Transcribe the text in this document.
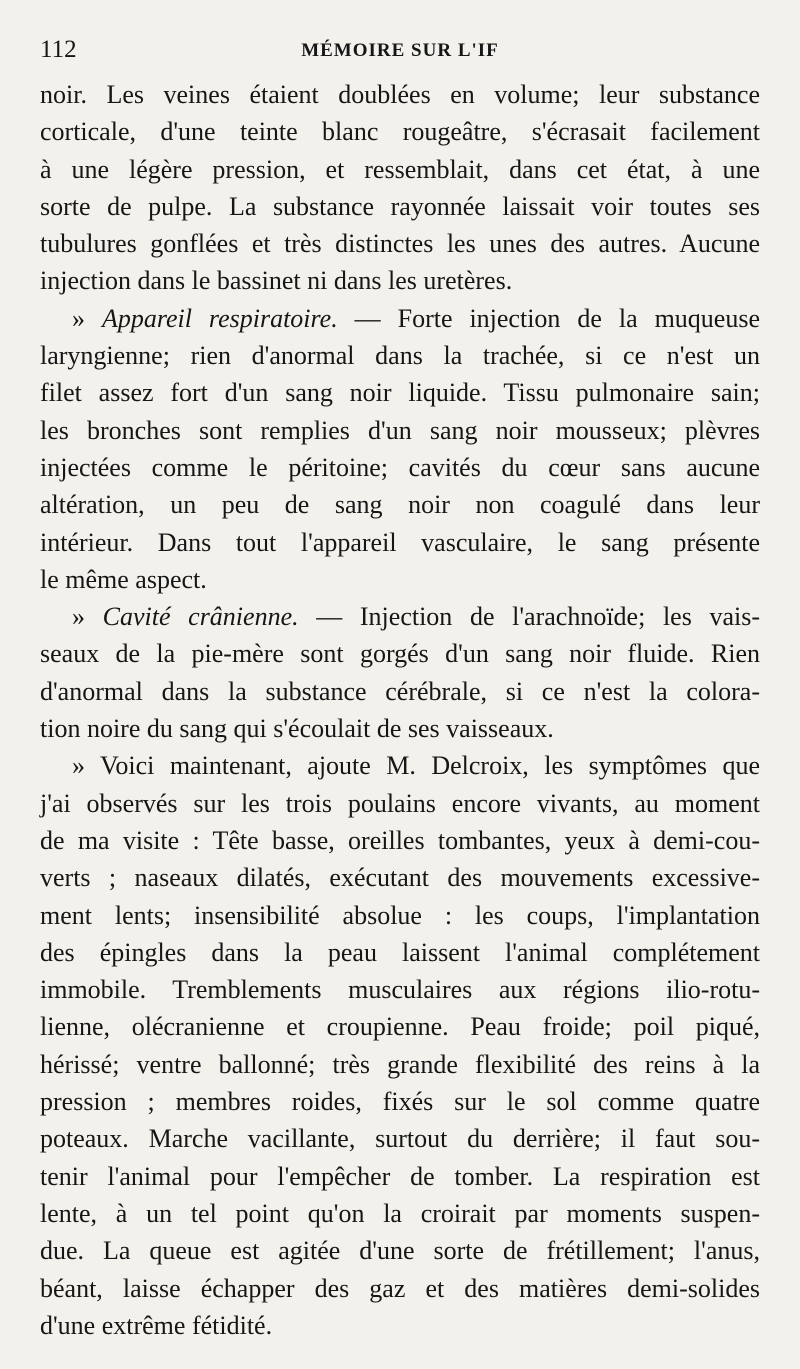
112	MÉMOIRE SUR L'IF
noir. Les veines étaient doublées en volume; leur substance
corticale, d'une teinte blanc rougeâtre, s'écrasait facilement
à une légère pression, et ressemblait, dans cet état, à une
sorte de pulpe. La substance rayonnée laissait voir toutes ses
tubulures gonflées et très distinctes les unes des autres. Aucune
injection dans le bassinet ni dans les uretères.
» Appareil respiratoire. — Forte injection de la muqueuse
laryngienne; rien d'anormal dans la trachée, si ce n'est un
filet assez fort d'un sang noir liquide. Tissu pulmonaire sain;
les bronches sont remplies d'un sang noir mousseux; plèvres
injectées comme le péritoine; cavités du cœur sans aucune
altération, un peu de sang noir non coagulé dans leur
intérieur. Dans tout l'appareil vasculaire, le sang présente
le même aspect.
» Cavité crânienne. — Injection de l'arachnoïde; les vais-
seaux de la pie-mère sont gorgés d'un sang noir fluide. Rien
d'anormal dans la substance cérébrale, si ce n'est la colora-
tion noire du sang qui s'écoulait de ses vaisseaux.
» Voici maintenant, ajoute M. Delcroix, les symptômes que
j'ai observés sur les trois poulains encore vivants, au moment
de ma visite : Tête basse, oreilles tombantes, yeux à demi-cou-
verts ; naseaux dilatés, exécutant des mouvements excessive-
ment lents; insensibilité absolue : les coups, l'implantation
des épingles dans la peau laissent l'animal complétement
immobile. Tremblements musculaires aux régions ilio-rotu-
lienne, olécranienne et croupienne. Peau froide; poil piqué,
hérissé; ventre ballonné; très grande flexibilité des reins à la
pression ; membres roides, fixés sur le sol comme quatre
poteaux. Marche vacillante, surtout du derrière; il faut sou-
tenir l'animal pour l'empêcher de tomber. La respiration est
lente, à un tel point qu'on la croirait par moments suspen-
due. La queue est agitée d'une sorte de frétillement; l'anus,
béant, laisse échapper des gaz et des matières demi-solides
d'une extrême fétidité.
